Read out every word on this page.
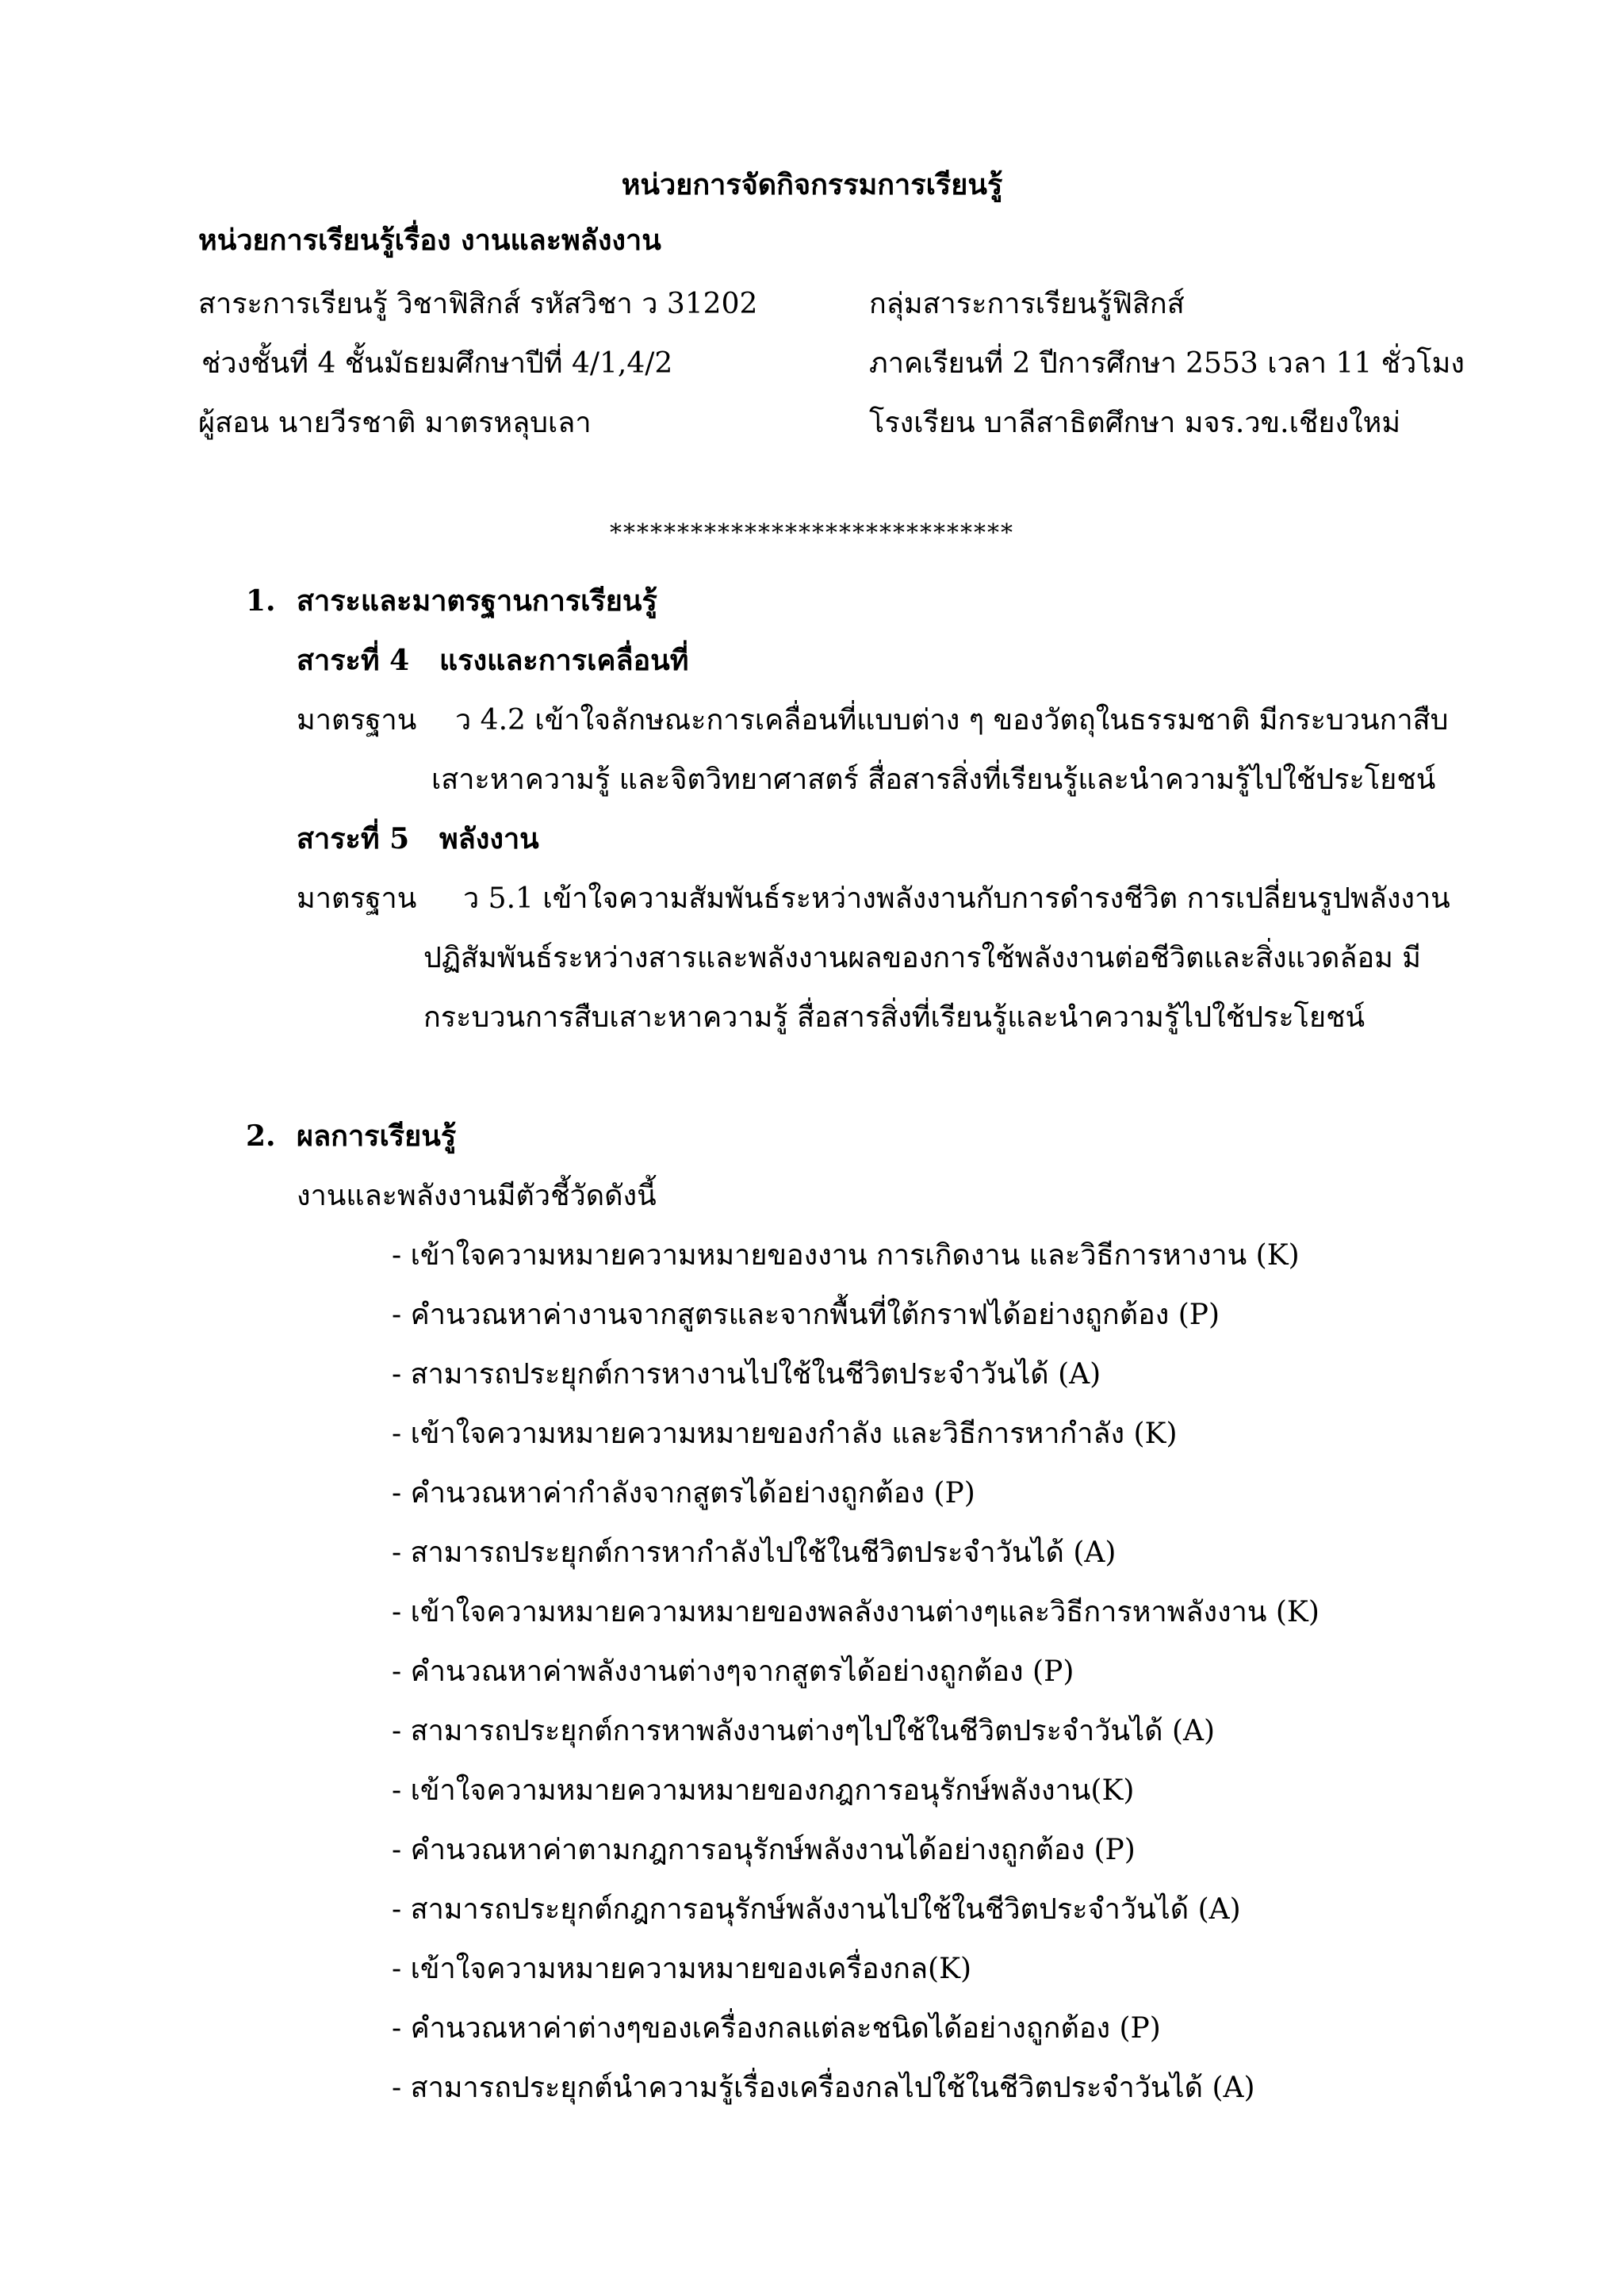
หน่วยการจัดกิจกรรมการเรียนรู้
หน่วยการเรียนรู้เรื่อง งานและพลังงาน
สาระการเรียนรู้ วิชาฟิสิกส์ รหัสวิชา ว 31202	กลุ่มสาระการเรียนรู้ฟิสิกส์
ช่วงชั้นที่ 4 ชั้นมัธยมศึกษาปีที่ 4/1,4/2	ภาคเรียนที่ 2 ปีการศึกษา 2553 เวลา 11 ชั่วโมง
ผู้สอน นายวีรชาติ มาตรหลุบเลา	โรงเรียน บาลีสาธิตศึกษา มจร.วข.เชียงใหม่
******************************
1. สาระและมาตรฐานการเรียนรู้
สาระที่ 4 แรงและการเคลื่อนที่
มาตรฐาน ว 4.2 เข้าใจลักษณะการเคลื่อนที่แบบต่าง ๆ ของวัตถุในธรรมชาติ มีกระบวนกาสืบ
เสาะหาความรู้ และจิตวิทยาศาสตร์ สื่อสารสิ่งที่เรียนรู้และนำความรู้ไปใช้ประโยชน์
สาระที่ 5 พลังงาน
มาตรฐาน ว 5.1 เข้าใจความสัมพันธ์ระหว่างพลังงานกับการดำรงชีวิต การเปลี่ยนรูปพลังงาน
ปฏิสัมพันธ์ระหว่างสารและพลังงานผลของการใช้พลังงานต่อชีวิตและสิ่งแวดล้อม มี
กระบวนการสืบเสาะหาความรู้ สื่อสารสิ่งที่เรียนรู้และนำความรู้ไปใช้ประโยชน์
2. ผลการเรียนรู้
งานและพลังงานมีตัวชี้วัดดังนี้
- เข้าใจความหมายความหมายของงาน การเกิดงาน และวิธีการหางาน (K)
- คำนวณหาค่างานจากสูตรและจากพื้นที่ใต้กราฟได้อย่างถูกต้อง (P)
- สามารถประยุกต์การหางานไปใช้ในชีวิตประจำวันได้ (A)
- เข้าใจความหมายความหมายของกำลัง และวิธีการหากำลัง (K)
- คำนวณหาค่ากำลังจากสูตรได้อย่างถูกต้อง (P)
- สามารถประยุกต์การหากำลังไปใช้ในชีวิตประจำวันได้ (A)
- เข้าใจความหมายความหมายของพลลังงานต่างๆและวิธีการหาพลังงาน (K)
- คำนวณหาค่าพลังงานต่างๆจากสูตรได้อย่างถูกต้อง (P)
- สามารถประยุกต์การหาพลังงานต่างๆไปใช้ในชีวิตประจำวันได้ (A)
- เข้าใจความหมายความหมายของกฎการอนุรักษ์พลังงาน(K)
- คำนวณหาค่าตามกฎการอนุรักษ์พลังงานได้อย่างถูกต้อง (P)
- สามารถประยุกต์กฎการอนุรักษ์พลังงานไปใช้ในชีวิตประจำวันได้ (A)
- เข้าใจความหมายความหมายของเครื่องกล(K)
- คำนวณหาค่าต่างๆของเครื่องกลแต่ละชนิดได้อย่างถูกต้อง (P)
- สามารถประยุกต์นำความรู้เรื่องเครื่องกลไปใช้ในชีวิตประจำวันได้ (A)
